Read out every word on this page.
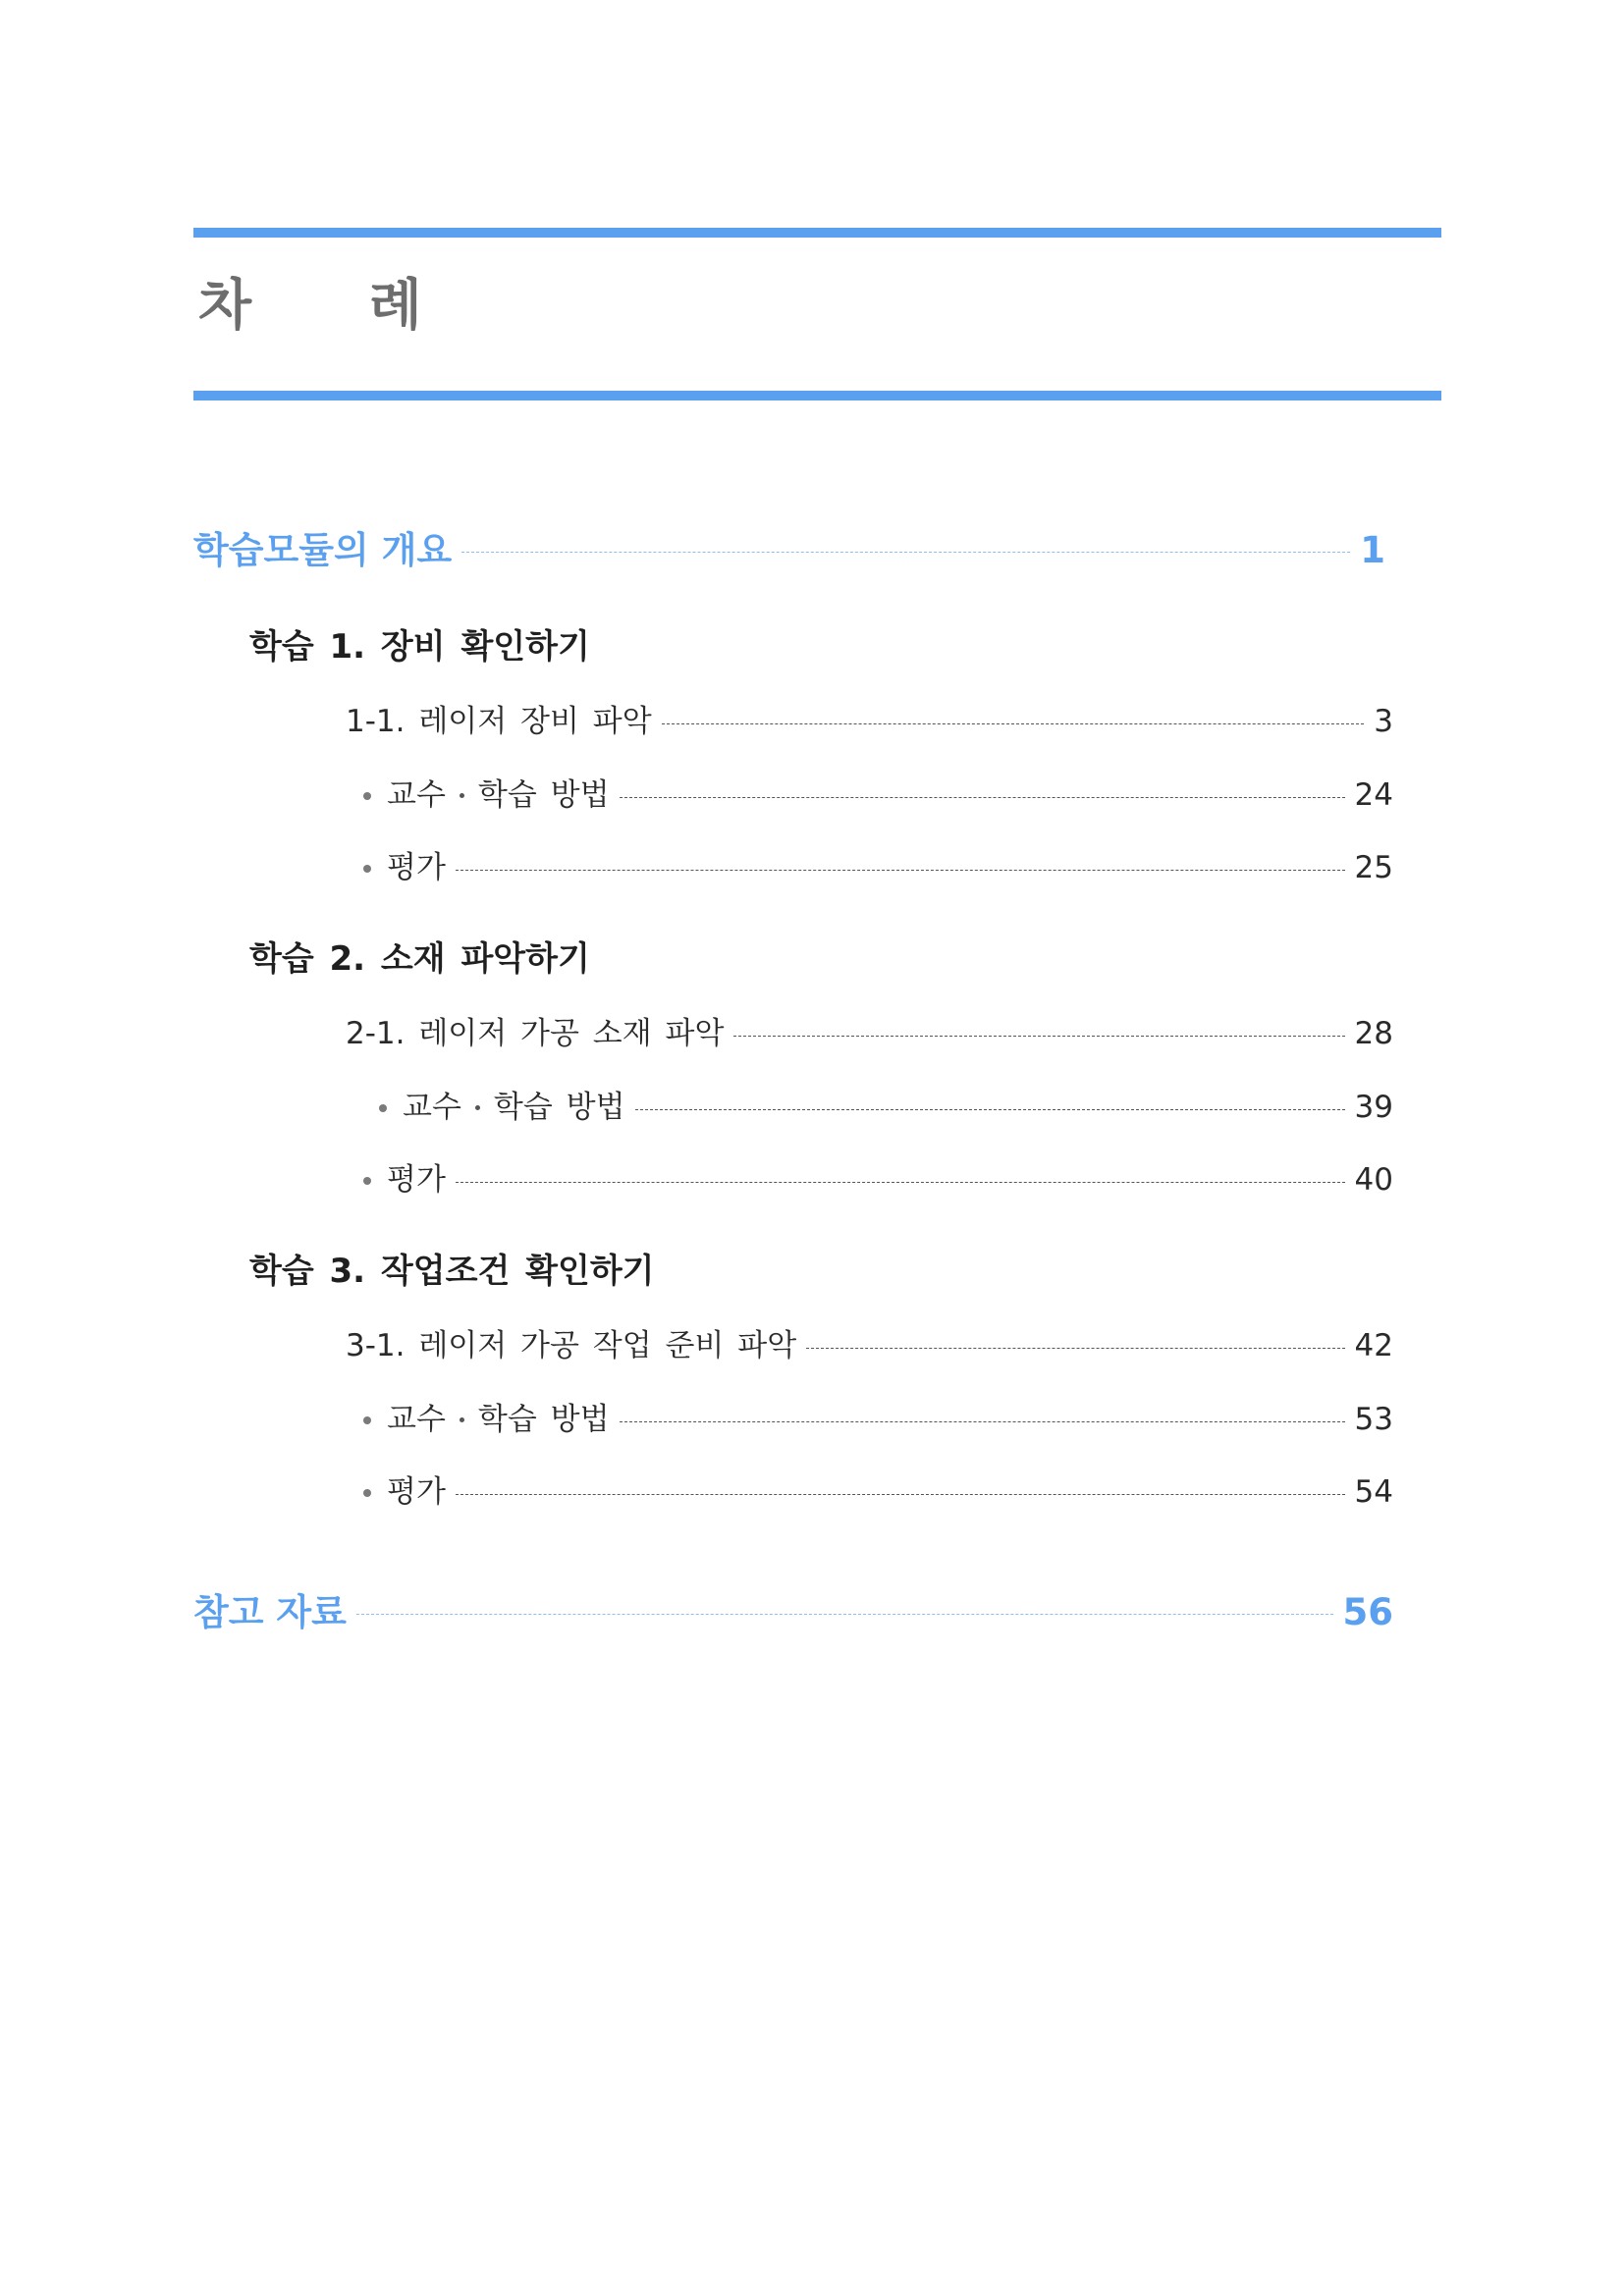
차 례
학습모듈의 개요	1
학습 1. 장비 확인하기
1-1. 레이저 장비 파악	3
교수 학습 방법	24
평가	25
학습 2. 소재 파악하기
2-1. 레이저 가공 소재 파악	28
교수 학습 방법	39
평가	40
학습 3. 작업조건 확인하기
3-1. 레이저 가공 작업 준비 파악	42
교수 학습 방법	53
평가	54
참고 자료	56
